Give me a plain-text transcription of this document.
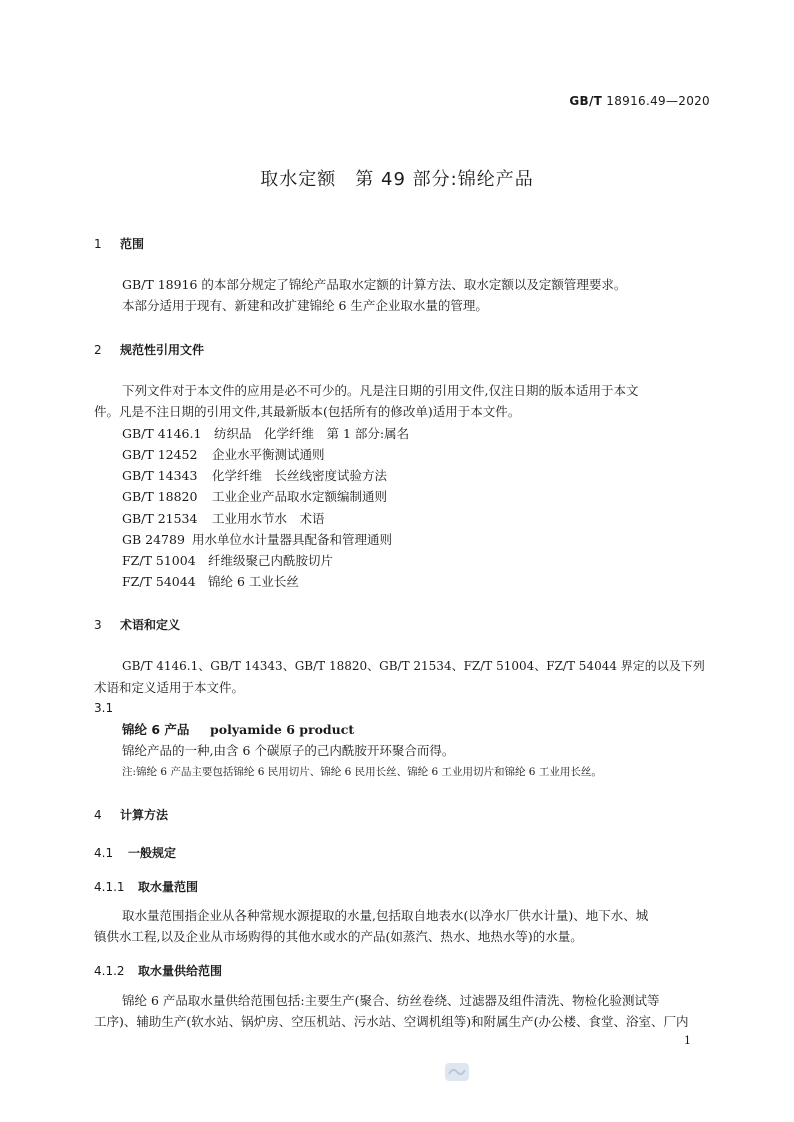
GB/T 18916.49—2020
取水定额　第 49 部分:锦纶产品
1 范围
GB/T 18916 的本部分规定了锦纶产品取水定额的计算方法、取水定额以及定额管理要求。
本部分适用于现有、新建和改扩建锦纶 6 生产企业取水量的管理。
2 规范性引用文件
下列文件对于本文件的应用是必不可少的。凡是注日期的引用文件,仅注日期的版本适用于本文
件。凡是不注日期的引用文件,其最新版本(包括所有的修改单)适用于本文件。
GB/T 4146.1 纺织品　化学纤维　第 1 部分:属名
GB/T 12452 企业水平衡测试通则
GB/T 14343 化学纤维　长丝线密度试验方法
GB/T 18820 工业企业产品取水定额编制通则
GB/T 21534 工业用水节水　术语
GB 24789 用水单位水计量器具配备和管理通则
FZ/T 51004 纤维级聚己内酰胺切片
FZ/T 54044 锦纶 6 工业长丝
3 术语和定义
GB/T 4146.1、GB/T 14343、GB/T 18820、GB/T 21534、FZ/T 51004、FZ/T 54044 界定的以及下列
术语和定义适用于本文件。
3.1
锦纶 6 产品 polyamide 6 product
锦纶产品的一种,由含 6 个碳原子的己内酰胺开环聚合而得。
注:锦纶 6 产品主要包括锦纶 6 民用切片、锦纶 6 民用长丝、锦纶 6 工业用切片和锦纶 6 工业用长丝。
4 计算方法
4.1 一般规定
4.1.1 取水量范围
取水量范围指企业从各种常规水源提取的水量,包括取自地表水(以净水厂供水计量)、地下水、城
镇供水工程,以及企业从市场购得的其他水或水的产品(如蒸汽、热水、地热水等)的水量。
4.1.2 取水量供给范围
锦纶 6 产品取水量供给范围包括:主要生产(聚合、纺丝卷绕、过滤器及组件清洗、物检化验测试等
工序)、辅助生产(软水站、锅炉房、空压机站、污水站、空调机组等)和附属生产(办公楼、食堂、浴室、厂内
1
